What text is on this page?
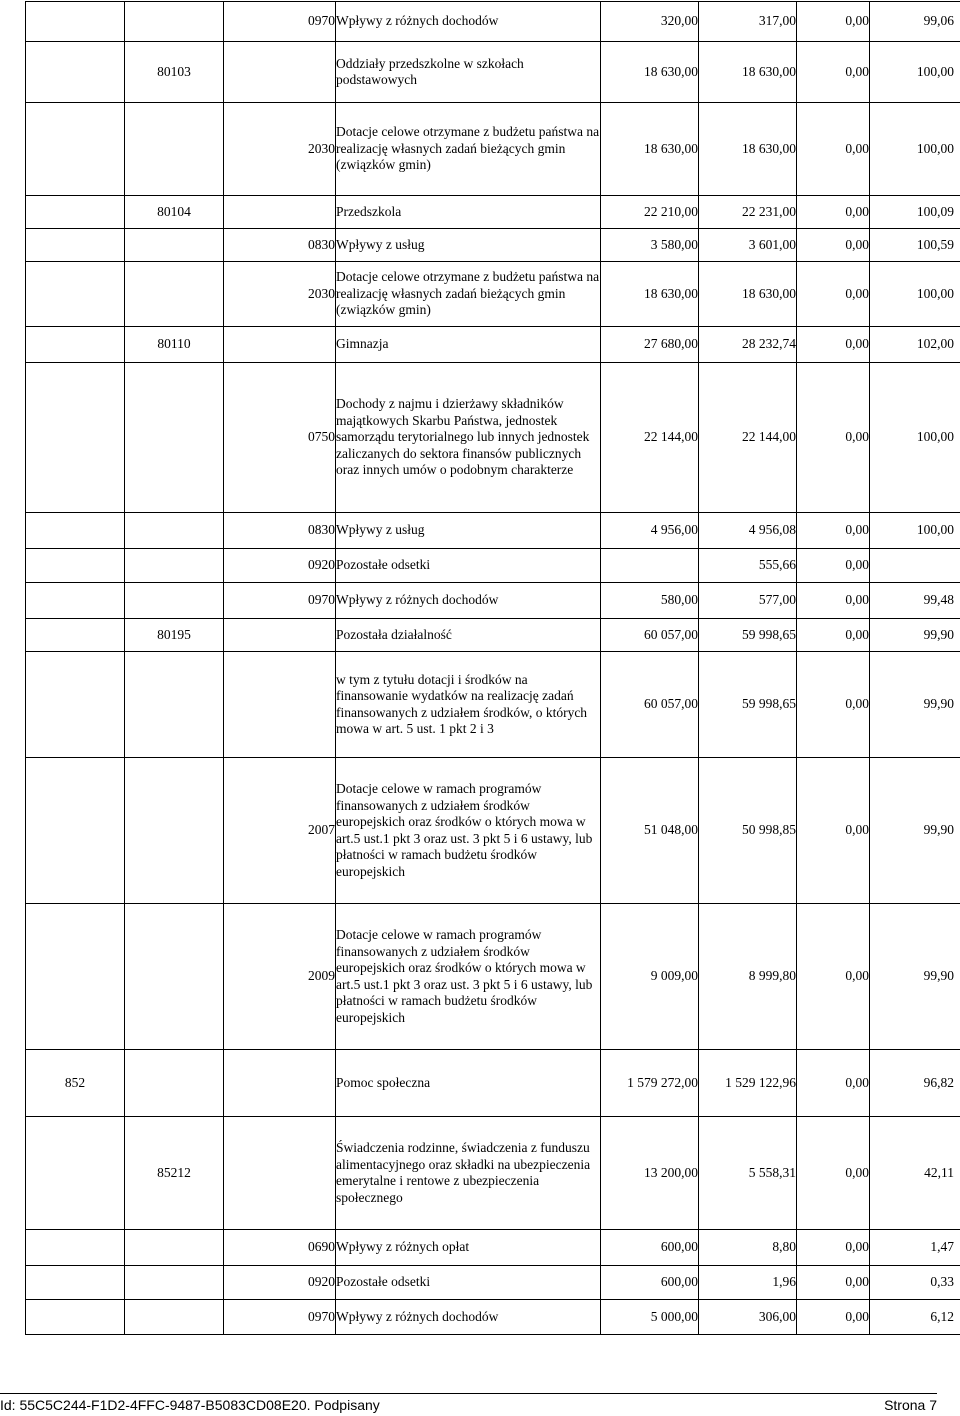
		0970	Wpływy z różnych dochodów	320,00	317,00	0,00	99,06
	80103		Oddziały przedszkolne w szkołach podstawowych	18 630,00	18 630,00	0,00	100,00
		2030	Dotacje celowe otrzymane z budżetu państwa na realizację własnych zadań bieżących gmin (związków gmin)	18 630,00	18 630,00	0,00	100,00
	80104		Przedszkola	22 210,00	22 231,00	0,00	100,09
		0830	Wpływy z usług	3 580,00	3 601,00	0,00	100,59
		2030	Dotacje celowe otrzymane z budżetu państwa na realizację własnych zadań bieżących gmin (związków gmin)	18 630,00	18 630,00	0,00	100,00
	80110		Gimnazja	27 680,00	28 232,74	0,00	102,00
		0750	Dochody z najmu i dzierżawy składników majątkowych Skarbu Państwa, jednostek samorządu terytorialnego lub innych jednostek zaliczanych do sektora finansów publicznych oraz innych umów o podobnym charakterze	22 144,00	22 144,00	0,00	100,00
		0830	Wpływy z usług	4 956,00	4 956,08	0,00	100,00
		0920	Pozostałe odsetki		555,66	0,00	
		0970	Wpływy z różnych dochodów	580,00	577,00	0,00	99,48
	80195		Pozostała działalność	60 057,00	59 998,65	0,00	99,90
			w tym z tytułu dotacji i środków na finansowanie wydatków na realizację zadań finansowanych z udziałem środków, o których mowa w art. 5 ust. 1 pkt 2 i 3	60 057,00	59 998,65	0,00	99,90
		2007	Dotacje celowe w ramach programów finansowanych z udziałem środków europejskich oraz środków o których mowa w art.5 ust.1 pkt 3 oraz ust. 3 pkt 5 i 6 ustawy, lub płatności w ramach budżetu środków europejskich	51 048,00	50 998,85	0,00	99,90
		2009	Dotacje celowe w ramach programów finansowanych z udziałem środków europejskich oraz środków o których mowa w art.5 ust.1 pkt 3 oraz ust. 3 pkt 5 i 6 ustawy, lub płatności w ramach budżetu środków europejskich	9 009,00	8 999,80	0,00	99,90
852			Pomoc społeczna	1 579 272,00	1 529 122,96	0,00	96,82
	85212		Świadczenia rodzinne, świadczenia z funduszu alimentacyjnego oraz składki na ubezpieczenia emerytalne i rentowe z ubezpieczenia społecznego	13 200,00	5 558,31	0,00	42,11
		0690	Wpływy z różnych opłat	600,00	8,80	0,00	1,47
		0920	Pozostałe odsetki	600,00	1,96	0,00	0,33
		0970	Wpływy z różnych dochodów	5 000,00	306,00	0,00	6,12
Id: 55C5C244-F1D2-4FFC-9487-B5083CD08E20. Podpisany	Strona 7
